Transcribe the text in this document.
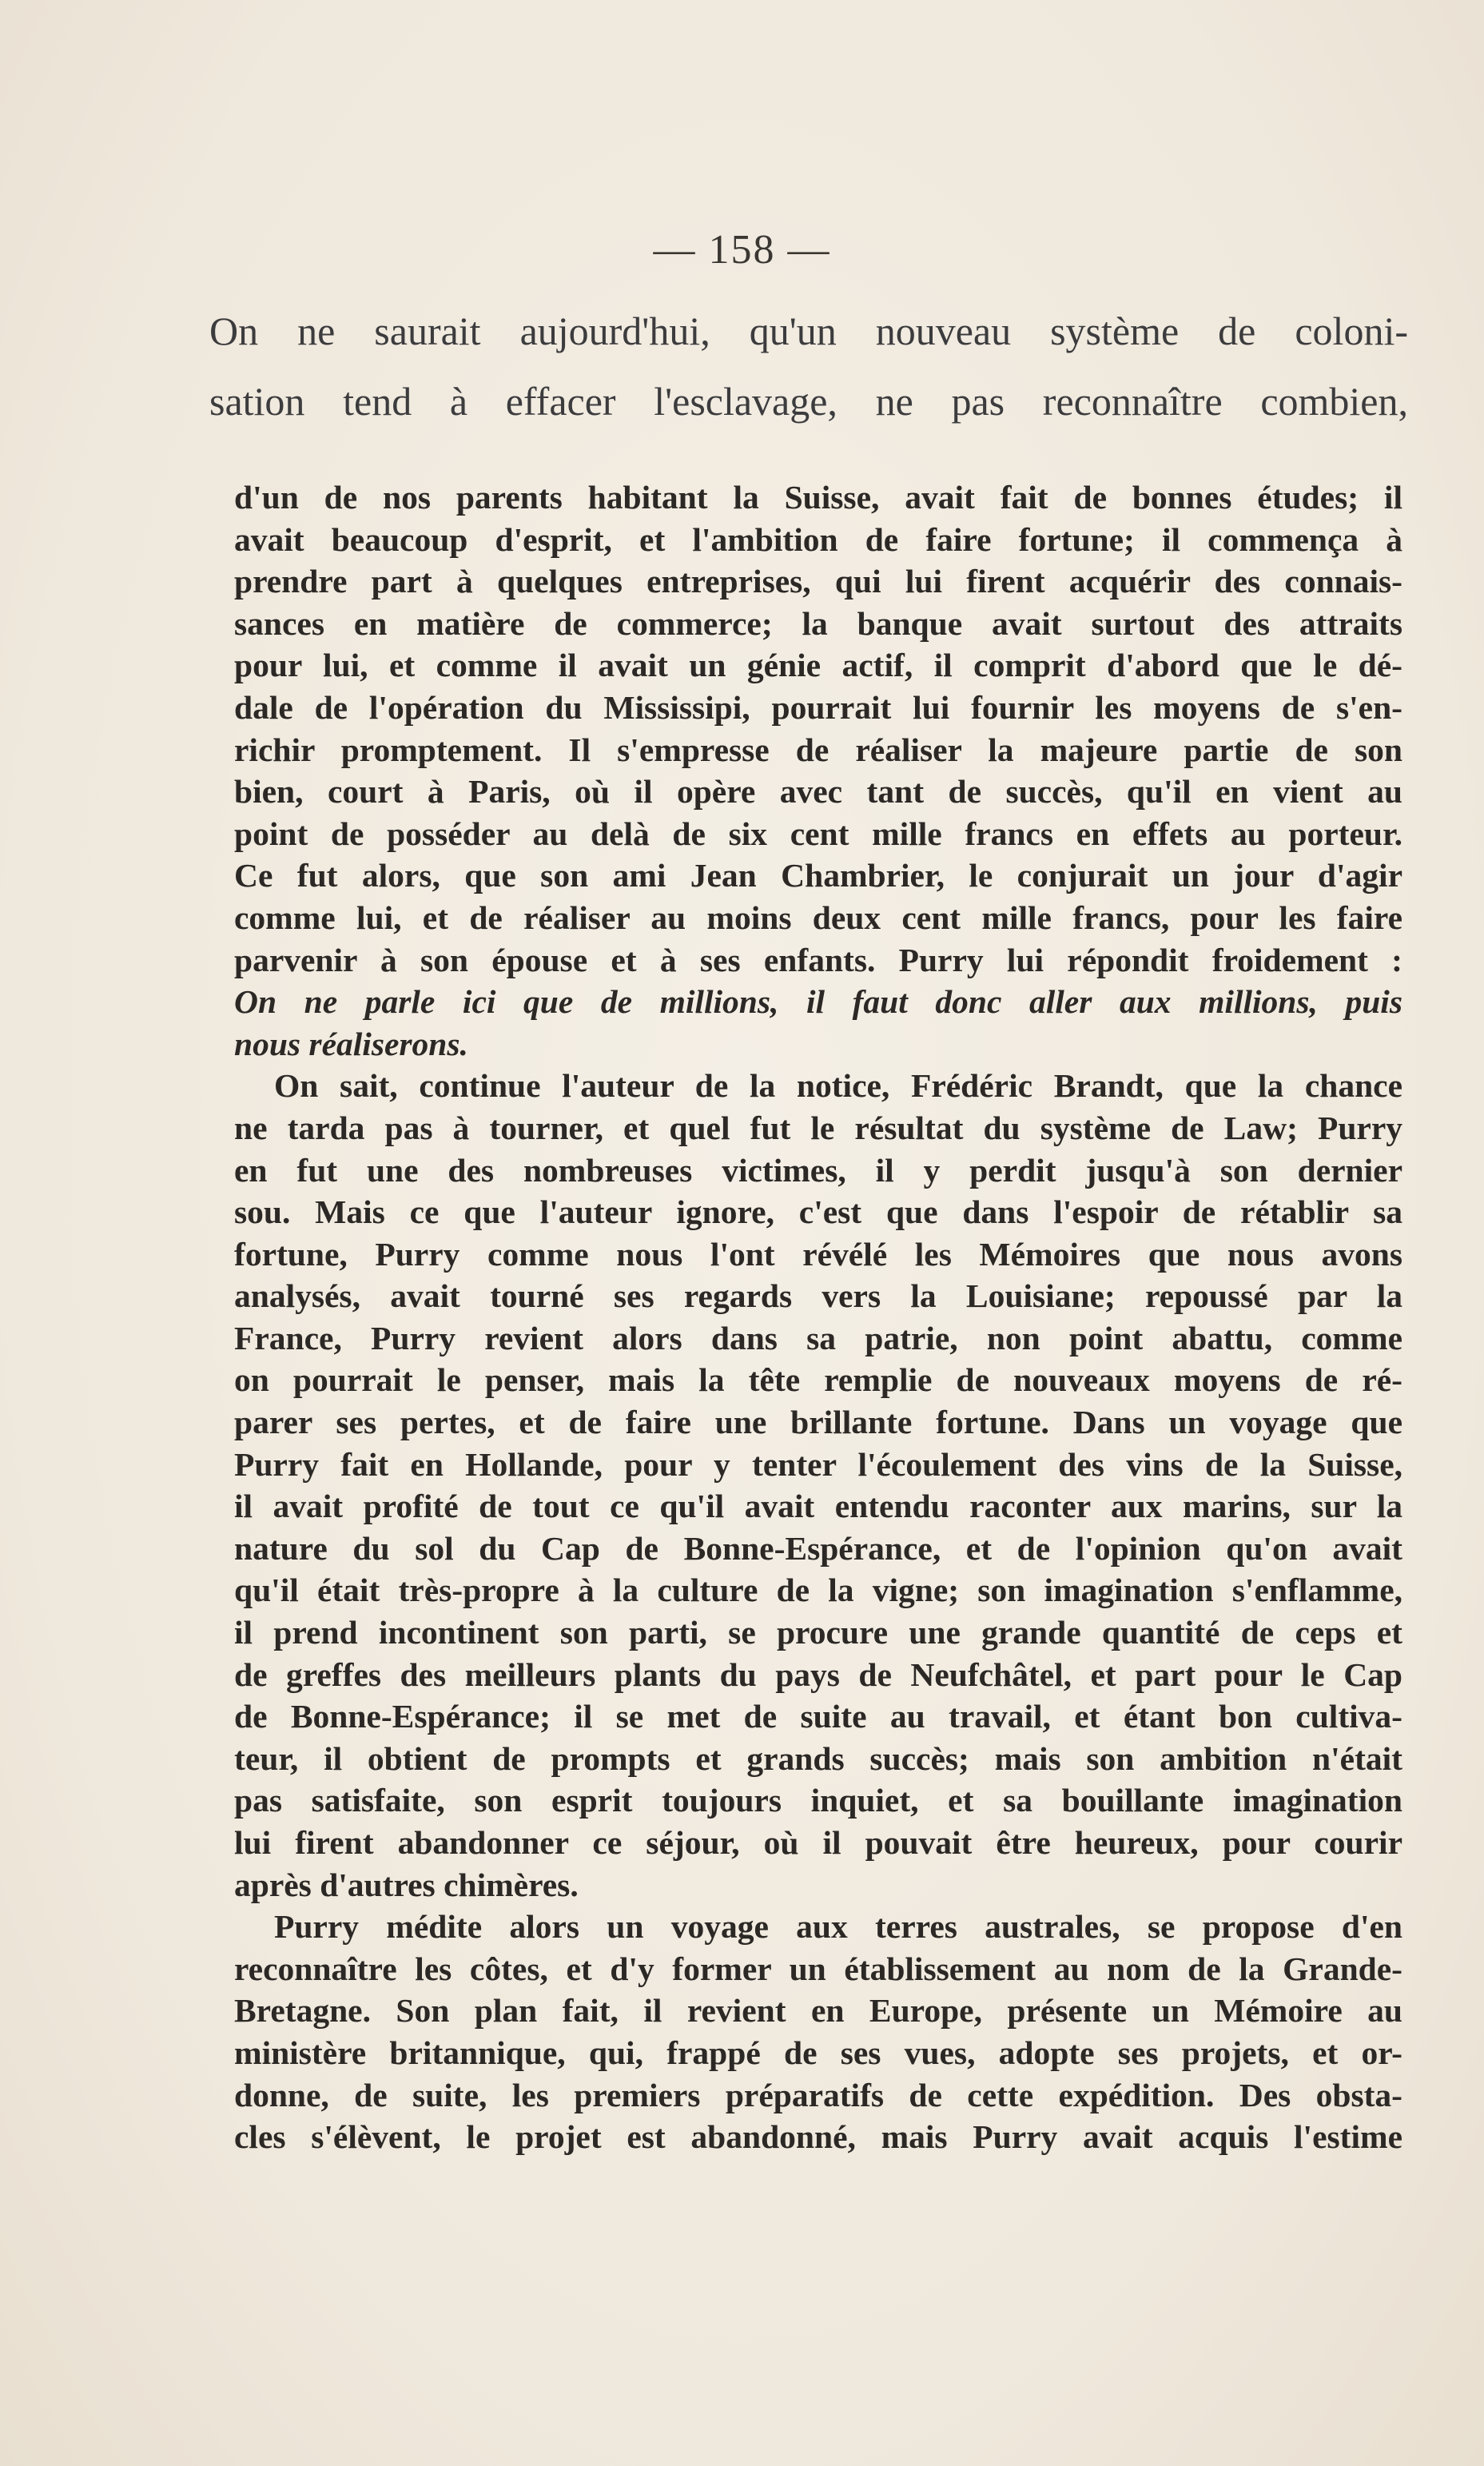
— 158 —
On ne saurait aujourd'hui, qu'un nouveau système de coloni-
sation tend à effacer l'esclavage, ne pas reconnaître combien,
d'un de nos parents habitant la Suisse, avait fait de bonnes études; il
avait beaucoup d'esprit, et l'ambition de faire fortune; il commença à
prendre part à quelques entreprises, qui lui firent acquérir des connais-
sances en matière de commerce; la banque avait surtout des attraits
pour lui, et comme il avait un génie actif, il comprit d'abord que le dé-
dale de l'opération du Mississipi, pourrait lui fournir les moyens de s'en-
richir promptement. Il s'empresse de réaliser la majeure partie de son
bien, court à Paris, où il opère avec tant de succès, qu'il en vient au
point de posséder au delà de six cent mille francs en effets au porteur.
Ce fut alors, que son ami Jean Chambrier, le conjurait un jour d'agir
comme lui, et de réaliser au moins deux cent mille francs, pour les faire
parvenir à son épouse et à ses enfants. Purry lui répondit froidement :
On ne parle ici que de millions, il faut donc aller aux millions, puis
nous réaliserons.
On sait, continue l'auteur de la notice, Frédéric Brandt, que la chance
ne tarda pas à tourner, et quel fut le résultat du système de Law; Purry
en fut une des nombreuses victimes, il y perdit jusqu'à son dernier
sou. Mais ce que l'auteur ignore, c'est que dans l'espoir de rétablir sa
fortune, Purry comme nous l'ont révélé les Mémoires que nous avons
analysés, avait tourné ses regards vers la Louisiane; repoussé par la
France, Purry revient alors dans sa patrie, non point abattu, comme
on pourrait le penser, mais la tête remplie de nouveaux moyens de ré-
parer ses pertes, et de faire une brillante fortune. Dans un voyage que
Purry fait en Hollande, pour y tenter l'écoulement des vins de la Suisse,
il avait profité de tout ce qu'il avait entendu raconter aux marins, sur la
nature du sol du Cap de Bonne-Espérance, et de l'opinion qu'on avait
qu'il était très-propre à la culture de la vigne; son imagination s'enflamme,
il prend incontinent son parti, se procure une grande quantité de ceps et
de greffes des meilleurs plants du pays de Neufchâtel, et part pour le Cap
de Bonne-Espérance; il se met de suite au travail, et étant bon cultiva-
teur, il obtient de prompts et grands succès; mais son ambition n'était
pas satisfaite, son esprit toujours inquiet, et sa bouillante imagination
lui firent abandonner ce séjour, où il pouvait être heureux, pour courir
après d'autres chimères.
Purry médite alors un voyage aux terres australes, se propose d'en
reconnaître les côtes, et d'y former un établissement au nom de la Grande-
Bretagne. Son plan fait, il revient en Europe, présente un Mémoire au
ministère britannique, qui, frappé de ses vues, adopte ses projets, et or-
donne, de suite, les premiers préparatifs de cette expédition. Des obsta-
cles s'élèvent, le projet est abandonné, mais Purry avait acquis l'estime
